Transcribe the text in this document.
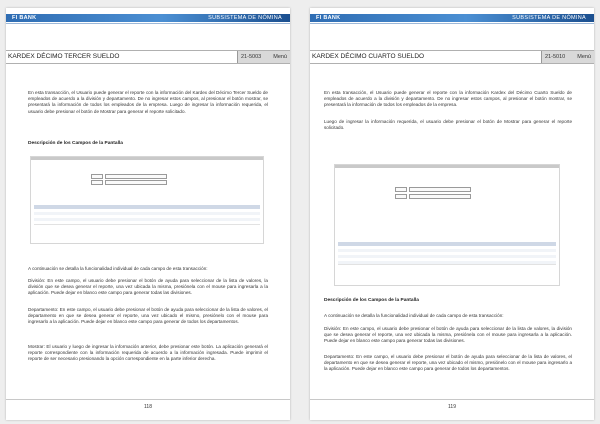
FI BANK	SUBSISTEMA DE NÓMINA
KARDEX DÉCIMO TERCER SUELDO	21-5003 Menú

En esta transacción, el Usuario puede generar el reporte con la información del Kardex del Décimo Tercer Sueldo de empleados de acuerdo a la división y departamento. De no ingresar estos campos, al presionar el botón mostrar, se presentará la información de todos los empleados de la empresa. Luego de ingresar la información requerida, el usuario debe presionar el botón de Mostrar para generar el reporte solicitado.

Descripción de los Campos de la Pantalla

A continuación se detalla la funcionalidad individual de cada campo de esta transacción:

División: En este campo, el usuario debe presionar el botón de ayuda para seleccionar de la lista de valores, la división que se desea generar el reporte, una vez ubicada la misma, presiónela con el mouse para ingresarla a la aplicación. Puede dejar en blanco este campo para generar todas las divisiones.

Departamento: En este campo, el usuario debe presionar el botón de ayuda para seleccionar de la lista de valores, el departamento en que se desea generar el reporte, una vez ubicado el mismo, presiónelo con el mouse para ingresarlo a la aplicación. Puede dejar en blanco este campo para generar de todos los departamentos.

Mostrar: El usuario y luego de ingresar la información anterior, debe presionar este botón. La aplicación generará el reporte correspondiente con la información requerida de acuerdo a la información ingresada. Puede imprimir el reporte de ser necesario presionando la opción correspondiente en la parte inferior derecha.

118
FI BANK	SUBSISTEMA DE NÓMINA
KARDEX DÉCIMO CUARTO SUELDO	21-5010 Menú

En esta transacción, el Usuario puede generar el reporte con la información Kardex del Décimo Cuarto Sueldo de empleados de acuerdo a la división y departamento. De no ingresar estos campos, al presionar el botón mostrar, se presentará la información de todos los empleados de la empresa.

Luego de ingresar la información requerida, el usuario debe presionar el botón de Mostrar para generar el reporte solicitado.

Descripción de los Campos de la Pantalla

A continuación se detalla la funcionalidad individual de cada campo de esta transacción:

División: En este campo, el usuario debe presionar el botón de ayuda para seleccionar de la lista de valores, la división que se desea generar el reporte, una vez ubicada la misma, presiónela con el mouse para ingresarla a la aplicación. Puede dejar en blanco este campo para generar todas las divisiones.

Departamento: En este campo, el usuario debe presionar el botón de ayuda para seleccionar de la lista de valores, el departamento en que se desea generar el reporte, una vez ubicado el mismo, presiónelo con el mouse para ingresarlo a la aplicación. Puede dejar en blanco este campo para generar de todos los departamentos.

119
